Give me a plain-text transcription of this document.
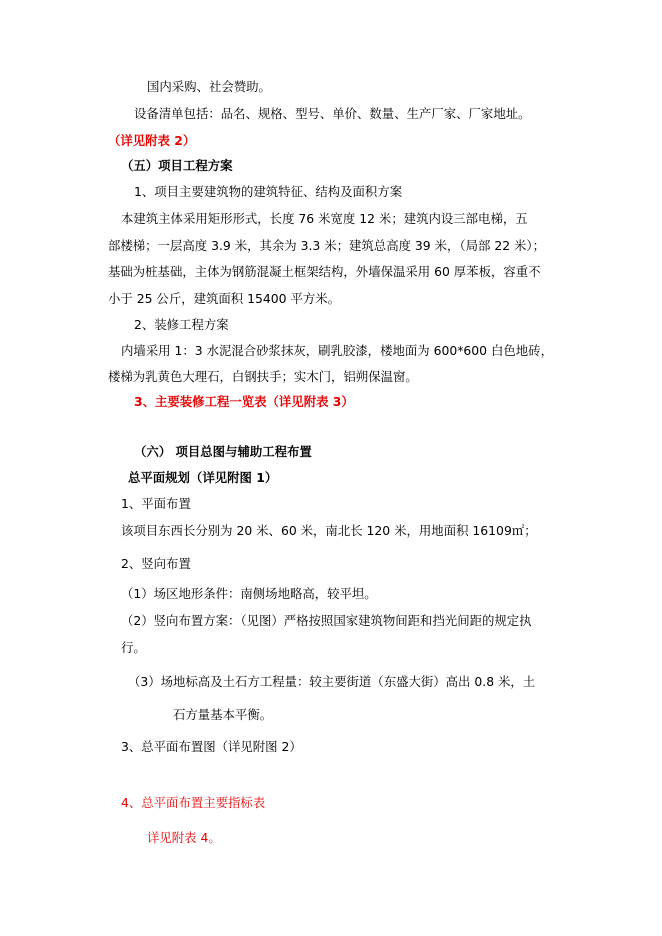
国内采购、社会赞助。
设备清单包括：品名、规格、型号、单价、数量、生产厂家、厂家地址。
（详见附表 2）
（五）项目工程方案
1、项目主要建筑物的建筑特征、结构及面积方案
本建筑主体采用矩形形式，长度 76 米宽度 12 米；建筑内设三部电梯，五
部楼梯；一层高度 3.9 米，其余为 3.3 米；建筑总高度 39 米，（局部 22 米）；
基础为桩基础，主体为钢筋混凝土框架结构，外墙保温采用 60 厚苯板，容重不
小于 25 公斤，建筑面积 15400 平方米。
2、装修工程方案
内墙采用 1：3 水泥混合砂浆抹灰，刷乳胶漆，楼地面为 600*600 白色地砖，
楼梯为乳黄色大理石，白钢扶手；实木门，铝朔保温窗。
3、主要装修工程一览表（详见附表 3）
（六） 项目总图与辅助工程布置
总平面规划（详见附图 1）
1、平面布置
该项目东西长分别为 20 米、60 米，南北长 120 米，用地面积 16109㎡；
2、竖向布置
（1）场区地形条件：南侧场地略高，较平坦。
（2）竖向布置方案：（见图）严格按照国家建筑物间距和挡光间距的规定执
行。
（3）场地标高及土石方工程量：较主要街道（东盛大街）高出 0.8 米，土
石方量基本平衡。
3、总平面布置图（详见附图 2）
4、总平面布置主要指标表
详见附表 4。
